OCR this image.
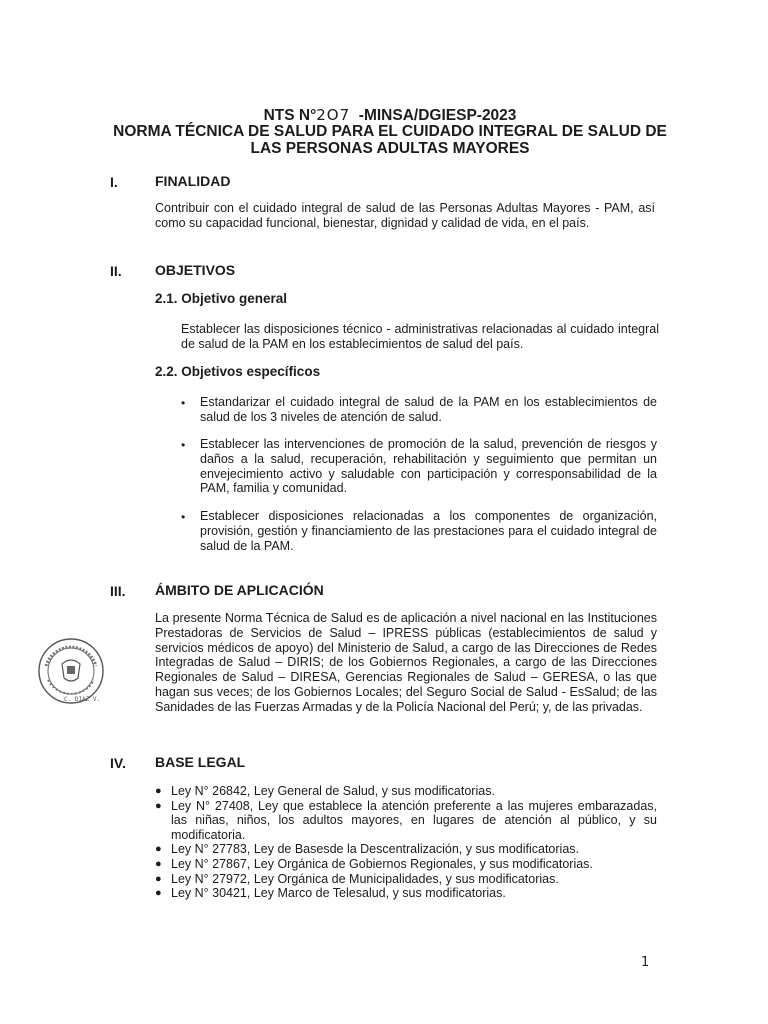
NTS N°2O7 -MINSA/DGIESP-2023
NORMA TÉCNICA DE SALUD PARA EL CUIDADO INTEGRAL DE SALUD DE
LAS PERSONAS ADULTAS MAYORES
I.	FINALIDAD
Contribuir con el cuidado integral de salud de las Personas Adultas Mayores - PAM, así como su capacidad funcional, bienestar, dignidad y calidad de vida, en el país.
II. OBJETIVOS
2.1. Objetivo general
Establecer las disposiciones técnico - administrativas relacionadas al cuidado integral de salud de la PAM en los establecimientos de salud del país.
2.2. Objetivos específicos
• Estandarizar el cuidado integral de salud de la PAM en los establecimientos de salud de los 3 niveles de atención de salud.
• Establecer las intervenciones de promoción de la salud, prevención de riesgos y daños a la salud, recuperación, rehabilitación y seguimiento que permitan un envejecimiento activo y saludable con participación y corresponsabilidad de la PAM, familia y comunidad.
• Establecer disposiciones relacionadas a los componentes de organización, provisión, gestión y financiamiento de las prestaciones para el cuidado integral de salud de la PAM.
III. ÁMBITO DE APLICACIÓN
La presente Norma Técnica de Salud es de aplicación a nivel nacional en las Instituciones Prestadoras de Servicios de Salud – IPRESS públicas (establecimientos de salud y servicios médicos de apoyo) del Ministerio de Salud, a cargo de las Direcciones de Redes Integradas de Salud – DIRIS; de los Gobiernos Regionales, a cargo de las Direcciones Regionales de Salud – DIRESA, Gerencias Regionales de Salud – GERESA, o las que hagan sus veces; de los Gobiernos Locales; del Seguro Social de Salud - EsSalud; de las Sanidades de las Fuerzas Armadas y de la Policía Nacional del Perú; y, de las privadas.
C. DIAZ V.
IV. BASE LEGAL
● Ley N° 26842, Ley General de Salud, y sus modificatorias.
● Ley N° 27408, Ley que establece la atención preferente a las mujeres embarazadas, las niñas, niños, los adultos mayores, en lugares de atención al público, y su modificatoria.
● Ley N° 27783, Ley de Basesde la Descentralización, y sus modificatorias.
● Ley N° 27867, Ley Orgánica de Gobiernos Regionales, y sus modificatorias.
● Ley N° 27972, Ley Orgánica de Municipalidades, y sus modificatorias.
● Ley N° 30421, Ley Marco de Telesalud, y sus modificatorias.
1
